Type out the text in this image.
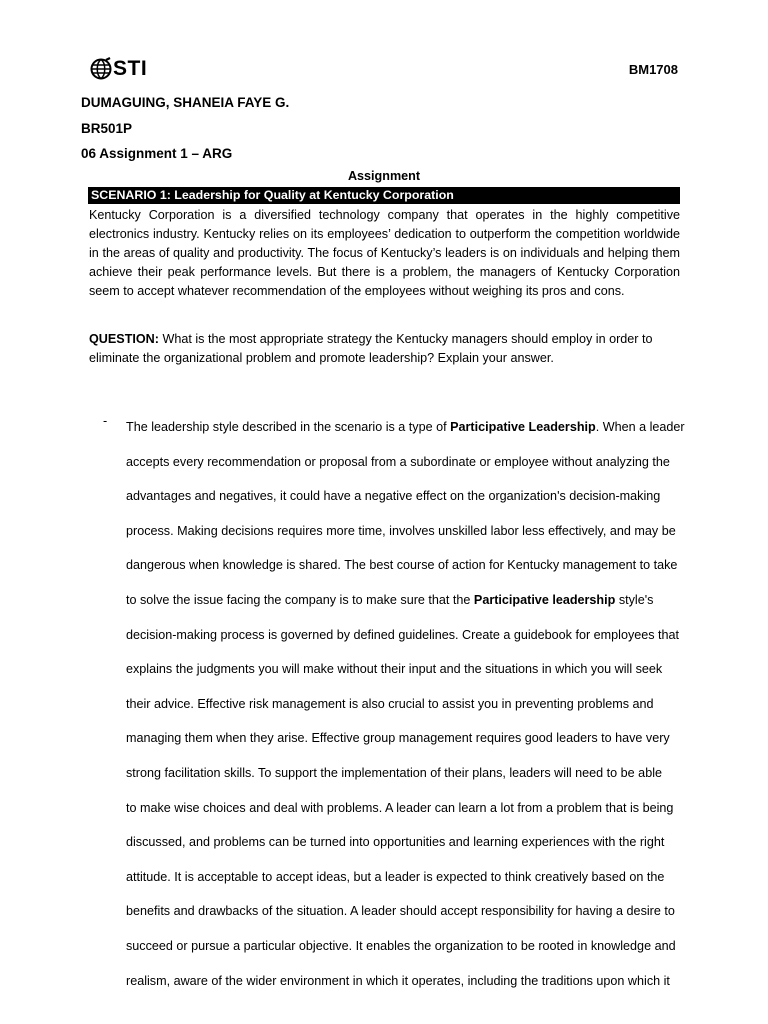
STI	BM1708
DUMAGUING, SHANEIA FAYE G.
BR501P
06 Assignment 1 – ARG
Assignment
SCENARIO 1: Leadership for Quality at Kentucky Corporation
Kentucky Corporation is a diversified technology company that operates in the highly competitive electronics industry. Kentucky relies on its employees’ dedication to outperform the competition worldwide in the areas of quality and productivity. The focus of Kentucky’s leaders is on individuals and helping them achieve their peak performance levels. But there is a problem, the managers of Kentucky Corporation seem to accept whatever recommendation of the employees without weighing its pros and cons.
QUESTION: What is the most appropriate strategy the Kentucky managers should employ in order to eliminate the organizational problem and promote leadership? Explain your answer.
- The leadership style described in the scenario is a type of Participative Leadership. When a leader
accepts every recommendation or proposal from a subordinate or employee without analyzing the
advantages and negatives, it could have a negative effect on the organization's decision-making
process. Making decisions requires more time, involves unskilled labor less effectively, and may be
dangerous when knowledge is shared. The best course of action for Kentucky management to take
to solve the issue facing the company is to make sure that the Participative leadership style's
decision-making process is governed by defined guidelines. Create a guidebook for employees that
explains the judgments you will make without their input and the situations in which you will seek
their advice. Effective risk management is also crucial to assist you in preventing problems and
managing them when they arise. Effective group management requires good leaders to have very
strong facilitation skills. To support the implementation of their plans, leaders will need to be able
to make wise choices and deal with problems. A leader can learn a lot from a problem that is being
discussed, and problems can be turned into opportunities and learning experiences with the right
attitude. It is acceptable to accept ideas, but a leader is expected to think creatively based on the
benefits and drawbacks of the situation. A leader should accept responsibility for having a desire to
succeed or pursue a particular objective. It enables the organization to be rooted in knowledge and
realism, aware of the wider environment in which it operates, including the traditions upon which it
